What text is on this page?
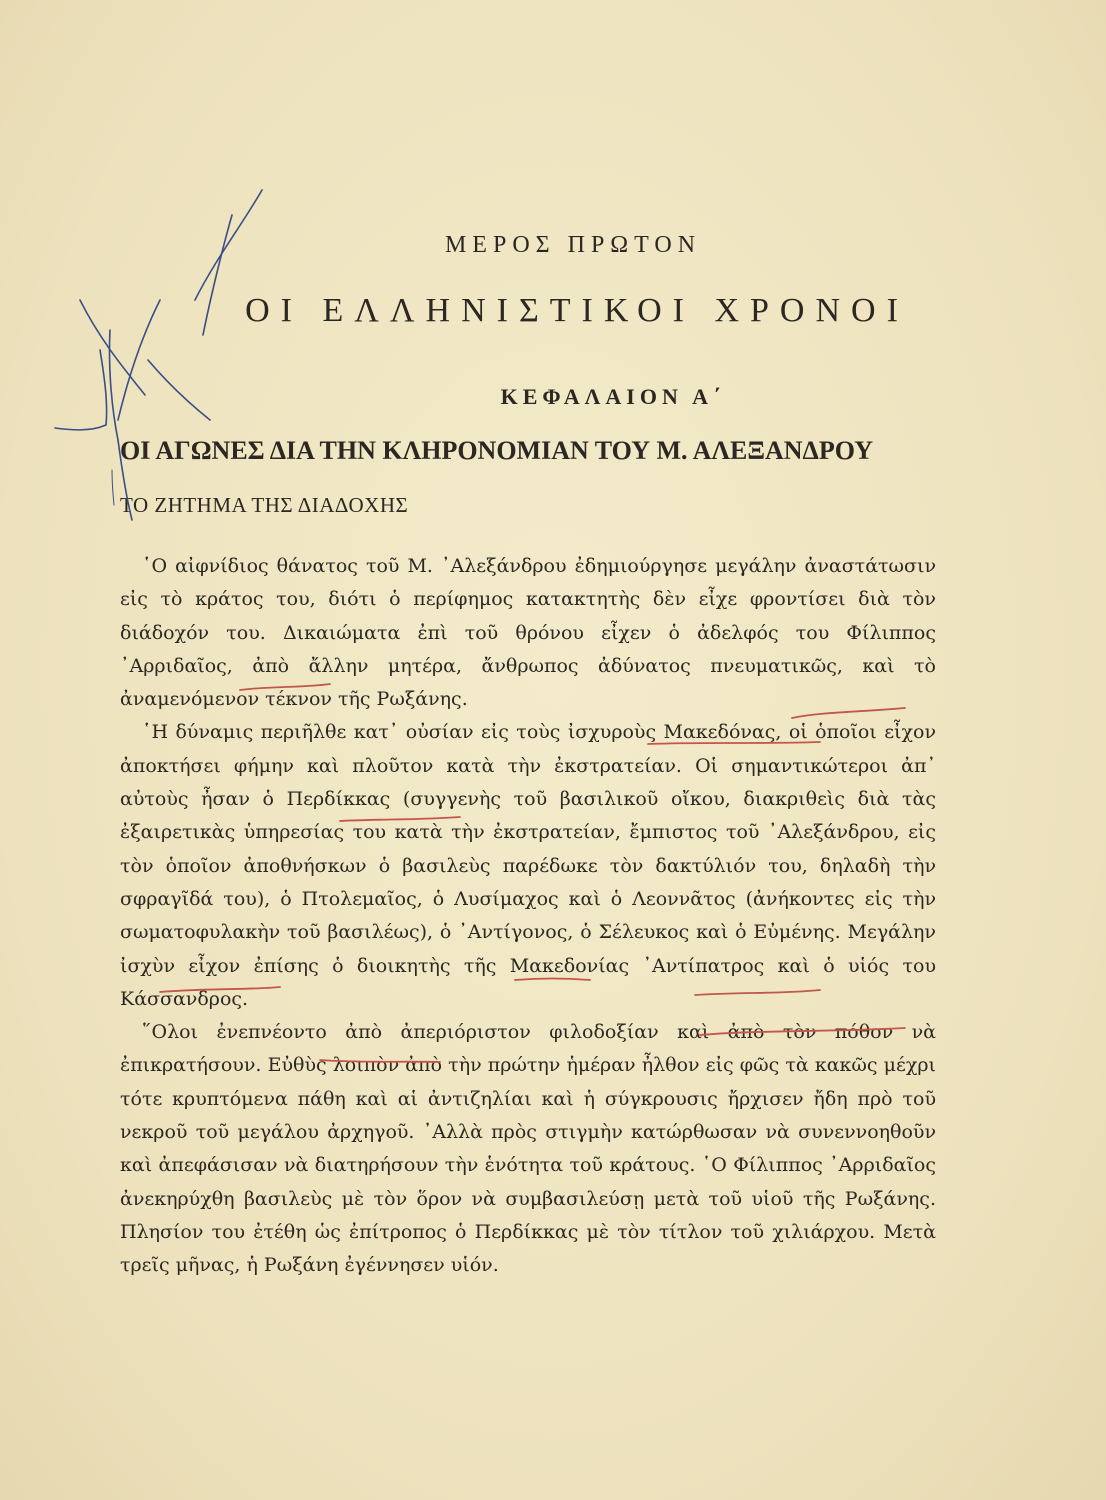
ΜΕΡΟΣ ΠΡΩΤΟΝ
ΟΙ ΕΛΛΗΝΙΣΤΙΚΟΙ ΧΡΟΝΟΙ
ΚΕΦΑΛΑΙΟΝ Α΄
ΟΙ ΑΓΩΝΕΣ ΔΙΑ ΤΗΝ ΚΛΗΡΟΝΟΜΙΑΝ ΤΟΥ Μ. ΑΛΕΞΑΝΔΡΟΥ
ΤΟ ΖΗΤΗΜΑ ΤΗΣ ΔΙΑΔΟΧΗΣ

῾Ο αἰφνίδιος θάνατος τοῦ Μ. ᾿Αλεξάνδρου ἐδημιούργησε μεγάλην ἀναστάτωσιν εἰς τὸ κράτος του, διότι ὁ περίφημος κατακτητὴς δὲν εἶχε φροντίσει διὰ τὸν διάδοχόν του. Δικαιώματα ἐπὶ τοῦ θρόνου εἶχεν ὁ ἀδελφός του Φίλιππος ᾿Αρριδαῖος, ἀπὸ ἄλλην μητέρα, ἄνθρωπος ἀδύνατος πνευματικῶς, καὶ τὸ ἀναμενόμενον τέκνον τῆς Ρωξάνης.

῾Η δύναμις περιῆλθε κατ᾿ οὐσίαν εἰς τοὺς ἰσχυροὺς Μακεδόνας, οἱ ὁποῖοι εἶχον ἀποκτήσει φήμην καὶ πλοῦτον κατὰ τὴν ἐκστρατείαν. Οἱ σημαντικώτεροι ἀπ᾿ αὐτοὺς ἦσαν ὁ Περδίκκας (συγγενὴς τοῦ βασιλικοῦ οἴκου, διακριθεὶς διὰ τὰς ἐξαιρετικὰς ὑπηρεσίας του κατὰ τὴν ἐκστρατείαν, ἔμπιστος τοῦ ᾿Αλεξάνδρου, εἰς τὸν ὁποῖον ἀποθνήσκων ὁ βασιλεὺς παρέδωκε τὸν δακτύλιόν του, δηλαδὴ τὴν σφραγῖδά του), ὁ Πτολεμαῖος, ὁ Λυσίμαχος καὶ ὁ Λεοννᾶτος (ἀνήκοντες εἰς τὴν σωματοφυλακὴν τοῦ βασιλέως), ὁ ᾿Αντίγονος, ὁ Σέλευκος καὶ ὁ Εὐμένης. Μεγάλην ἰσχὺν εἶχον ἐπίσης ὁ διοικητὴς τῆς Μακεδονίας ᾿Αντίπατρος καὶ ὁ υἱός του Κάσσανδρος.

῞Ολοι ἐνεπνέοντο ἀπὸ ἀπεριόριστον φιλοδοξίαν καὶ ἀπὸ τὸν πόθον νὰ ἐπικρατήσουν. Εὐθὺς λοιπὸν ἀπὸ τὴν πρώτην ἡμέραν ἦλθον εἰς φῶς τὰ κακῶς μέχρι τότε κρυπτόμενα πάθη καὶ αἱ ἀντιζηλίαι καὶ ἡ σύγκρουσις ἤρχισεν ἤδη πρὸ τοῦ νεκροῦ τοῦ μεγάλου ἀρχηγοῦ. ᾿Αλλὰ πρὸς στιγμὴν κατώρθωσαν νὰ συνεννοηθοῦν καὶ ἀπεφάσισαν νὰ διατηρήσουν τὴν ἑνότητα τοῦ κράτους. ῾Ο Φίλιππος ᾿Αρριδαῖος ἀνεκηρύχθη βασιλεὺς μὲ τὸν ὅρον νὰ συμβασιλεύσῃ μετὰ τοῦ υἱοῦ τῆς Ρωξάνης. Πλησίον του ἐτέθη ὡς ἐπίτροπος ὁ Περδίκκας μὲ τὸν τίτλον τοῦ χιλιάρχου. Μετὰ τρεῖς μῆνας, ἡ Ρωξάνη ἐγέννησεν υἱόν.
